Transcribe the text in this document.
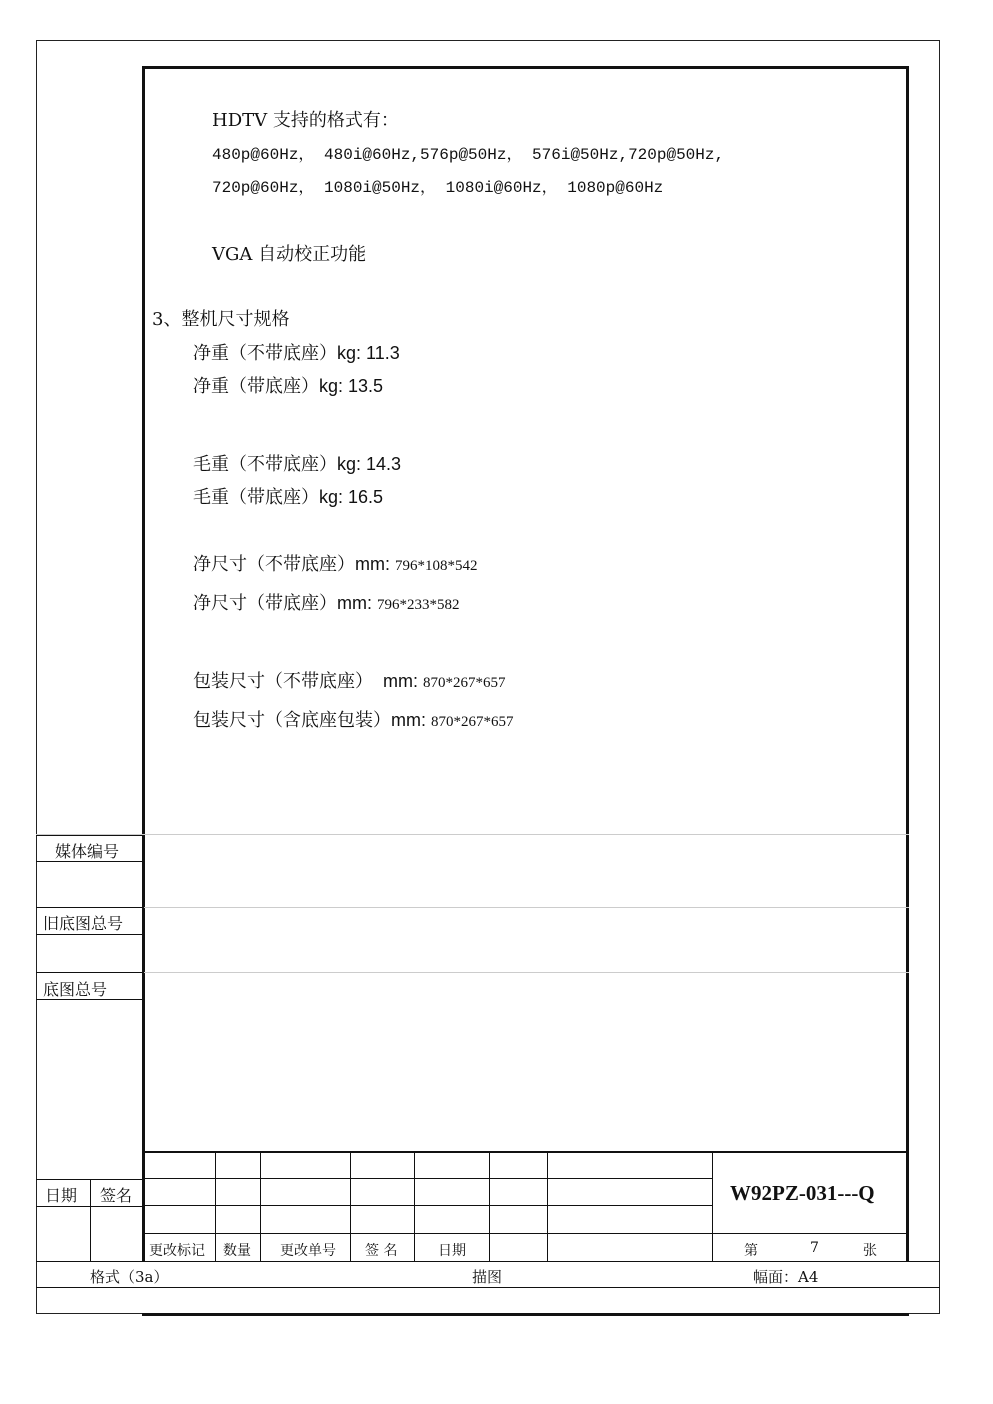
HDTV 支持的格式有：
480p@60Hz， 480i@60Hz,576p@50Hz， 576i@50Hz,720p@50Hz,
720p@60Hz， 1080i@50Hz， 1080i@60Hz， 1080p@60Hz
VGA 自动校正功能
3、整机尺寸规格
净重（不带底座）kg: 11.3
净重（带底座）kg: 13.5
毛重（不带底座）kg: 14.3
毛重（带底座）kg: 16.5
净尺寸（不带底座）mm: 796*108*542
净尺寸（带底座）mm: 796*233*582
包装尺寸（不带底座）  mm: 870*267*657
包装尺寸（含底座包装）mm: 870*267*657
媒体编号
旧底图总号
底图总号
日期 签名
更改标记 数量 更改单号 签 名	日期
W92PZ-031---Q
第	7	张
格式（3a）	描图	幅面：A4
